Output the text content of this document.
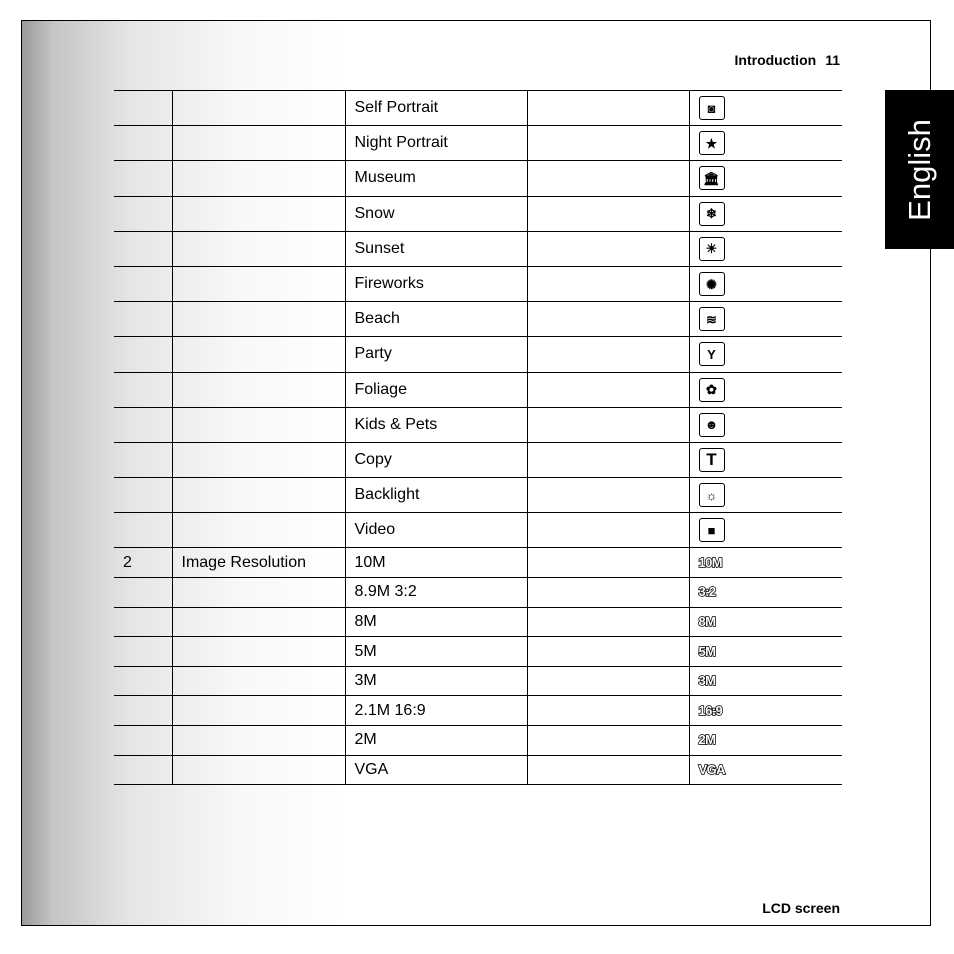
Introduction 11
English
		Self Portrait		◙
		Night Portrait		★
		Museum		🏛
		Snow		❄
		Sunset		☀
		Fireworks		✺
		Beach		≋
		Party		Y
		Foliage		✿
		Kids & Pets		☻
		Copy		T
		Backlight		☼
		Video		■
2	Image Resolution	10M		10M
		8.9M 3:2		3:2
		8M		8M
		5M		5M
		3M		3M
		2.1M 16:9		16:9
		2M		2M
		VGA		VGA
LCD screen
